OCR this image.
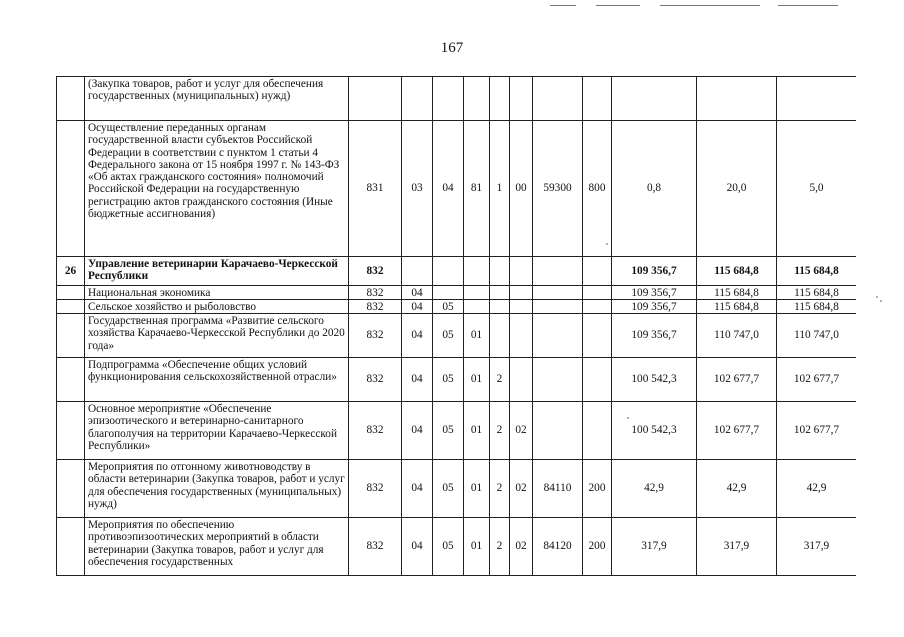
167
	(Закупка товаров, работ и услуг для обеспечения государственных (муниципальных) нужд)											
	Осуществление переданных органам государственной власти субъектов Российской Федерации в соответствии с пунктом 1 статьи 4 Федерального закона от 15 ноября 1997 г. № 143-ФЗ «Об актах гражданского состояния» полномочий Российской Федерации на государственную регистрацию актов гражданского состояния (Иные бюджетные ассигнования)	831	03	04	81	1	00	59300	800	0,8	20,0	5,0
26	Управление ветеринарии Карачаево-Черкесской Республики	832								109 356,7	115 684,8	115 684,8
	Национальная экономика	832	04							109 356,7	115 684,8	115 684,8
	Сельское хозяйство и рыболовство	832	04	05						109 356,7	115 684,8	115 684,8
	Государственная программа «Развитие сельского хозяйства Карачаево-Черкесской Республики до 2020 года»	832	04	05	01					109 356,7	110 747,0	110 747,0
	Подпрограмма «Обеспечение общих условий функционирования сельскохозяйственной отрасли»	832	04	05	01	2				100 542,3	102 677,7	102 677,7
	Основное мероприятие «Обеспечение эпизоотического и ветеринарно-санитарного благополучия на территории Карачаево-Черкесской Республики»	832	04	05	01	2	02			100 542,3	102 677,7	102 677,7
	Мероприятия по отгонному животноводству в области ветеринарии (Закупка товаров, работ и услуг для обеспечения государственных (муниципальных) нужд)	832	04	05	01	2	02	84110	200	42,9	42,9	42,9
	Мероприятия по обеспечению противоэпизоотических мероприятий в области ветеринарии (Закупка товаров, работ и услуг для обеспечения государственных	832	04	05	01	2	02	84120	200	317,9	317,9	317,9
